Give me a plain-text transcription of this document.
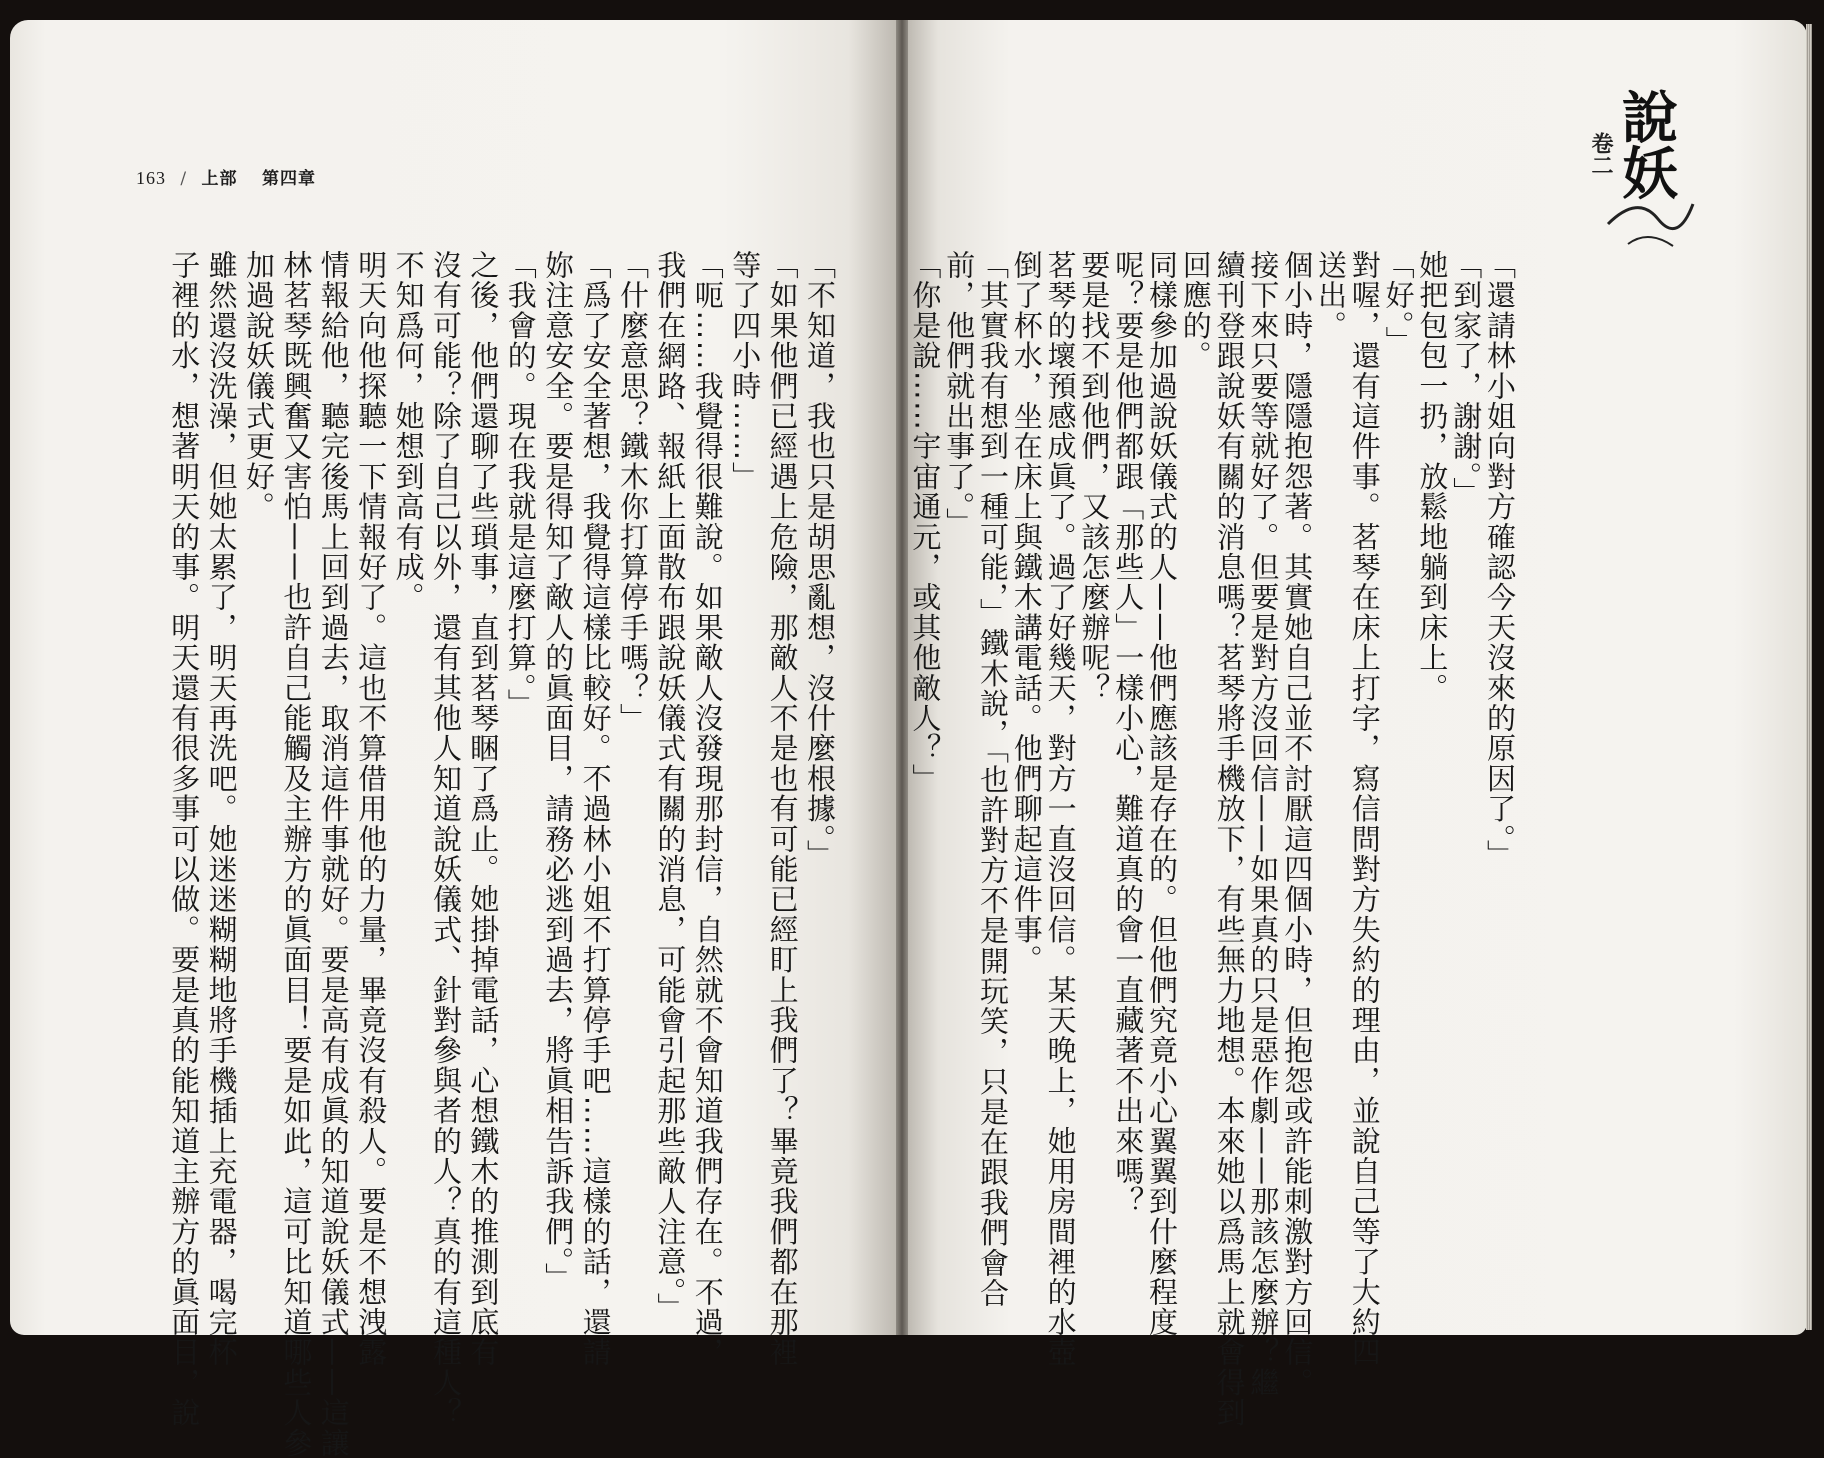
163 / 上部 第四章	說妖
卷二
「還請林小姐向對方確認今天沒來的原因了。」
「到家了，謝謝。」
她把包包一扔，放鬆地躺到床上。
「好。」
對喔，還有這件事。茗琴在床上打字，寫信問對方失約的理由，並說自己等了大約四
送出。
個小時，隱隱抱怨著。其實她自己並不討厭這四個小時，但抱怨或許能刺激對方回信。
接下來只要等就好了。但要是對方沒回信——如果真的只是惡作劇——那該怎麼辦？繼
續刊登跟說妖有關的消息嗎？茗琴將手機放下，有些無力地想。本來她以爲馬上就會得到
回應的。
同樣參加過說妖儀式的人——他們應該是存在的。但他們究竟小心翼翼到什麼程度
呢？要是他們都跟「那些人」一樣小心，難道真的會一直藏著不出來嗎？
要是找不到他們，又該怎麼辦呢？
茗琴的壞預感成眞了。過了好幾天，對方一直沒回信。某天晚上，她用房間裡的水壺
倒了杯水，坐在床上與鐵木講電話。他們聊起這件事。
「其實我有想到一種可能，」鐵木說，「也許對方不是開玩笑，只是在跟我們會合
前，他們就出事了。」
「你是說……宇宙通元，或其他敵人？」
「不知道，我也只是胡思亂想，沒什麼根據。」
「如果他們已經遇上危險，那敵人不是也有可能已經盯上我們了？畢竟我們都在那裡
等了四小時……」
「呃……我覺得很難說。如果敵人沒發現那封信，自然就不會知道我們存在。不過，
我們在網路、報紙上面散布跟說妖儀式有關的消息，可能會引起那些敵人注意。」
「什麼意思？鐵木你打算停手嗎？」
「爲了安全著想，我覺得這樣比較好。不過林小姐不打算停手吧……這樣的話，還請
妳注意安全。要是得知了敵人的眞面目，請務必逃到過去，將眞相告訴我們。」
「我會的。現在我就是這麼打算。」
之後，他們還聊了些瑣事，直到茗琴睏了爲止。她掛掉電話，心想鐵木的推測到底有
沒有可能？除了自己以外，還有其他人知道說妖儀式、針對參與者的人？真的有這種人？
不知爲何，她想到高有成。
明天向他探聽一下情報好了。這也不算借用他的力量，畢竟沒有殺人。要是不想洩露
情報給他，聽完後馬上回到過去，取消這件事就好。要是高有成眞的知道說妖儀式——這讓
林茗琴既興奮又害怕——也許自己能觸及主辦方的眞面目！要是如此，這可比知道哪些人參
加過說妖儀式更好。
雖然還沒洗澡，但她太累了，明天再洗吧。她迷迷糊糊地將手機插上充電器，喝完杯
子裡的水，想著明天的事。明天還有很多事可以做。要是真的能知道主辦方的眞面目，說
